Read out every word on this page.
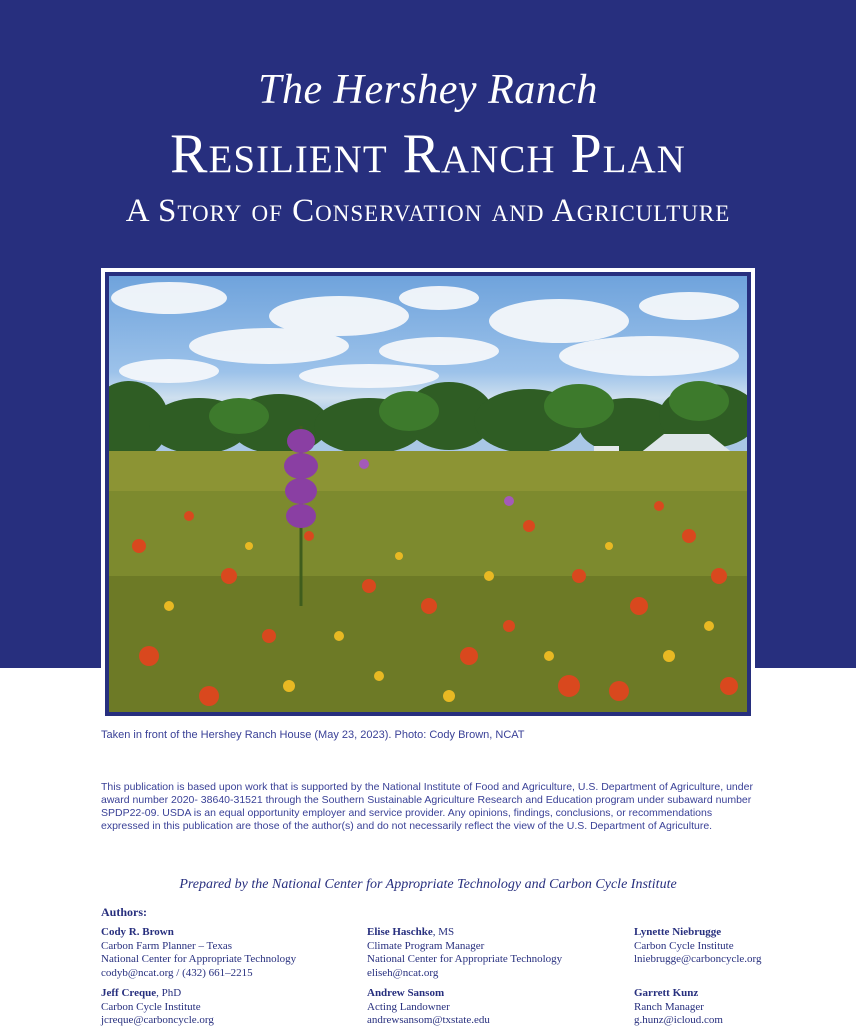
The Hershey Ranch
Resilient Ranch Plan
A Story of Conservation and Agriculture
Taken in front of the Hershey Ranch House (May 23, 2023). Photo: Cody Brown, NCAT
This publication is based upon work that is supported by the National Institute of Food and Agriculture, U.S. Department of Agriculture, under award number 2020- 38640-31521 through the Southern Sustainable Agriculture Research and Education program under subaward number SPDP22-09. USDA is an equal opportunity employer and service provider. Any opinions, findings, conclusions, or recommendations expressed in this publication are those of the author(s) and do not necessarily reflect the view of the U.S. Department of Agriculture.
Prepared by the National Center for Appropriate Technology and Carbon Cycle Institute
Authors:
Cody R. Brown
Carbon Farm Planner – Texas
National Center for Appropriate Technology
codyb@ncat.org / (432) 661–2215
Elise Haschke, MS
Climate Program Manager
National Center for Appropriate Technology
eliseh@ncat.org
Lynette Niebrugge
Carbon Cycle Institute
lniebrugge@carboncycle.org
Jeff Creque, PhD
Carbon Cycle Institute
jcreque@carboncycle.org
Andrew Sansom
Acting Landowner
andrewsansom@txstate.edu
Garrett Kunz
Ranch Manager
g.hunz@icloud.com
